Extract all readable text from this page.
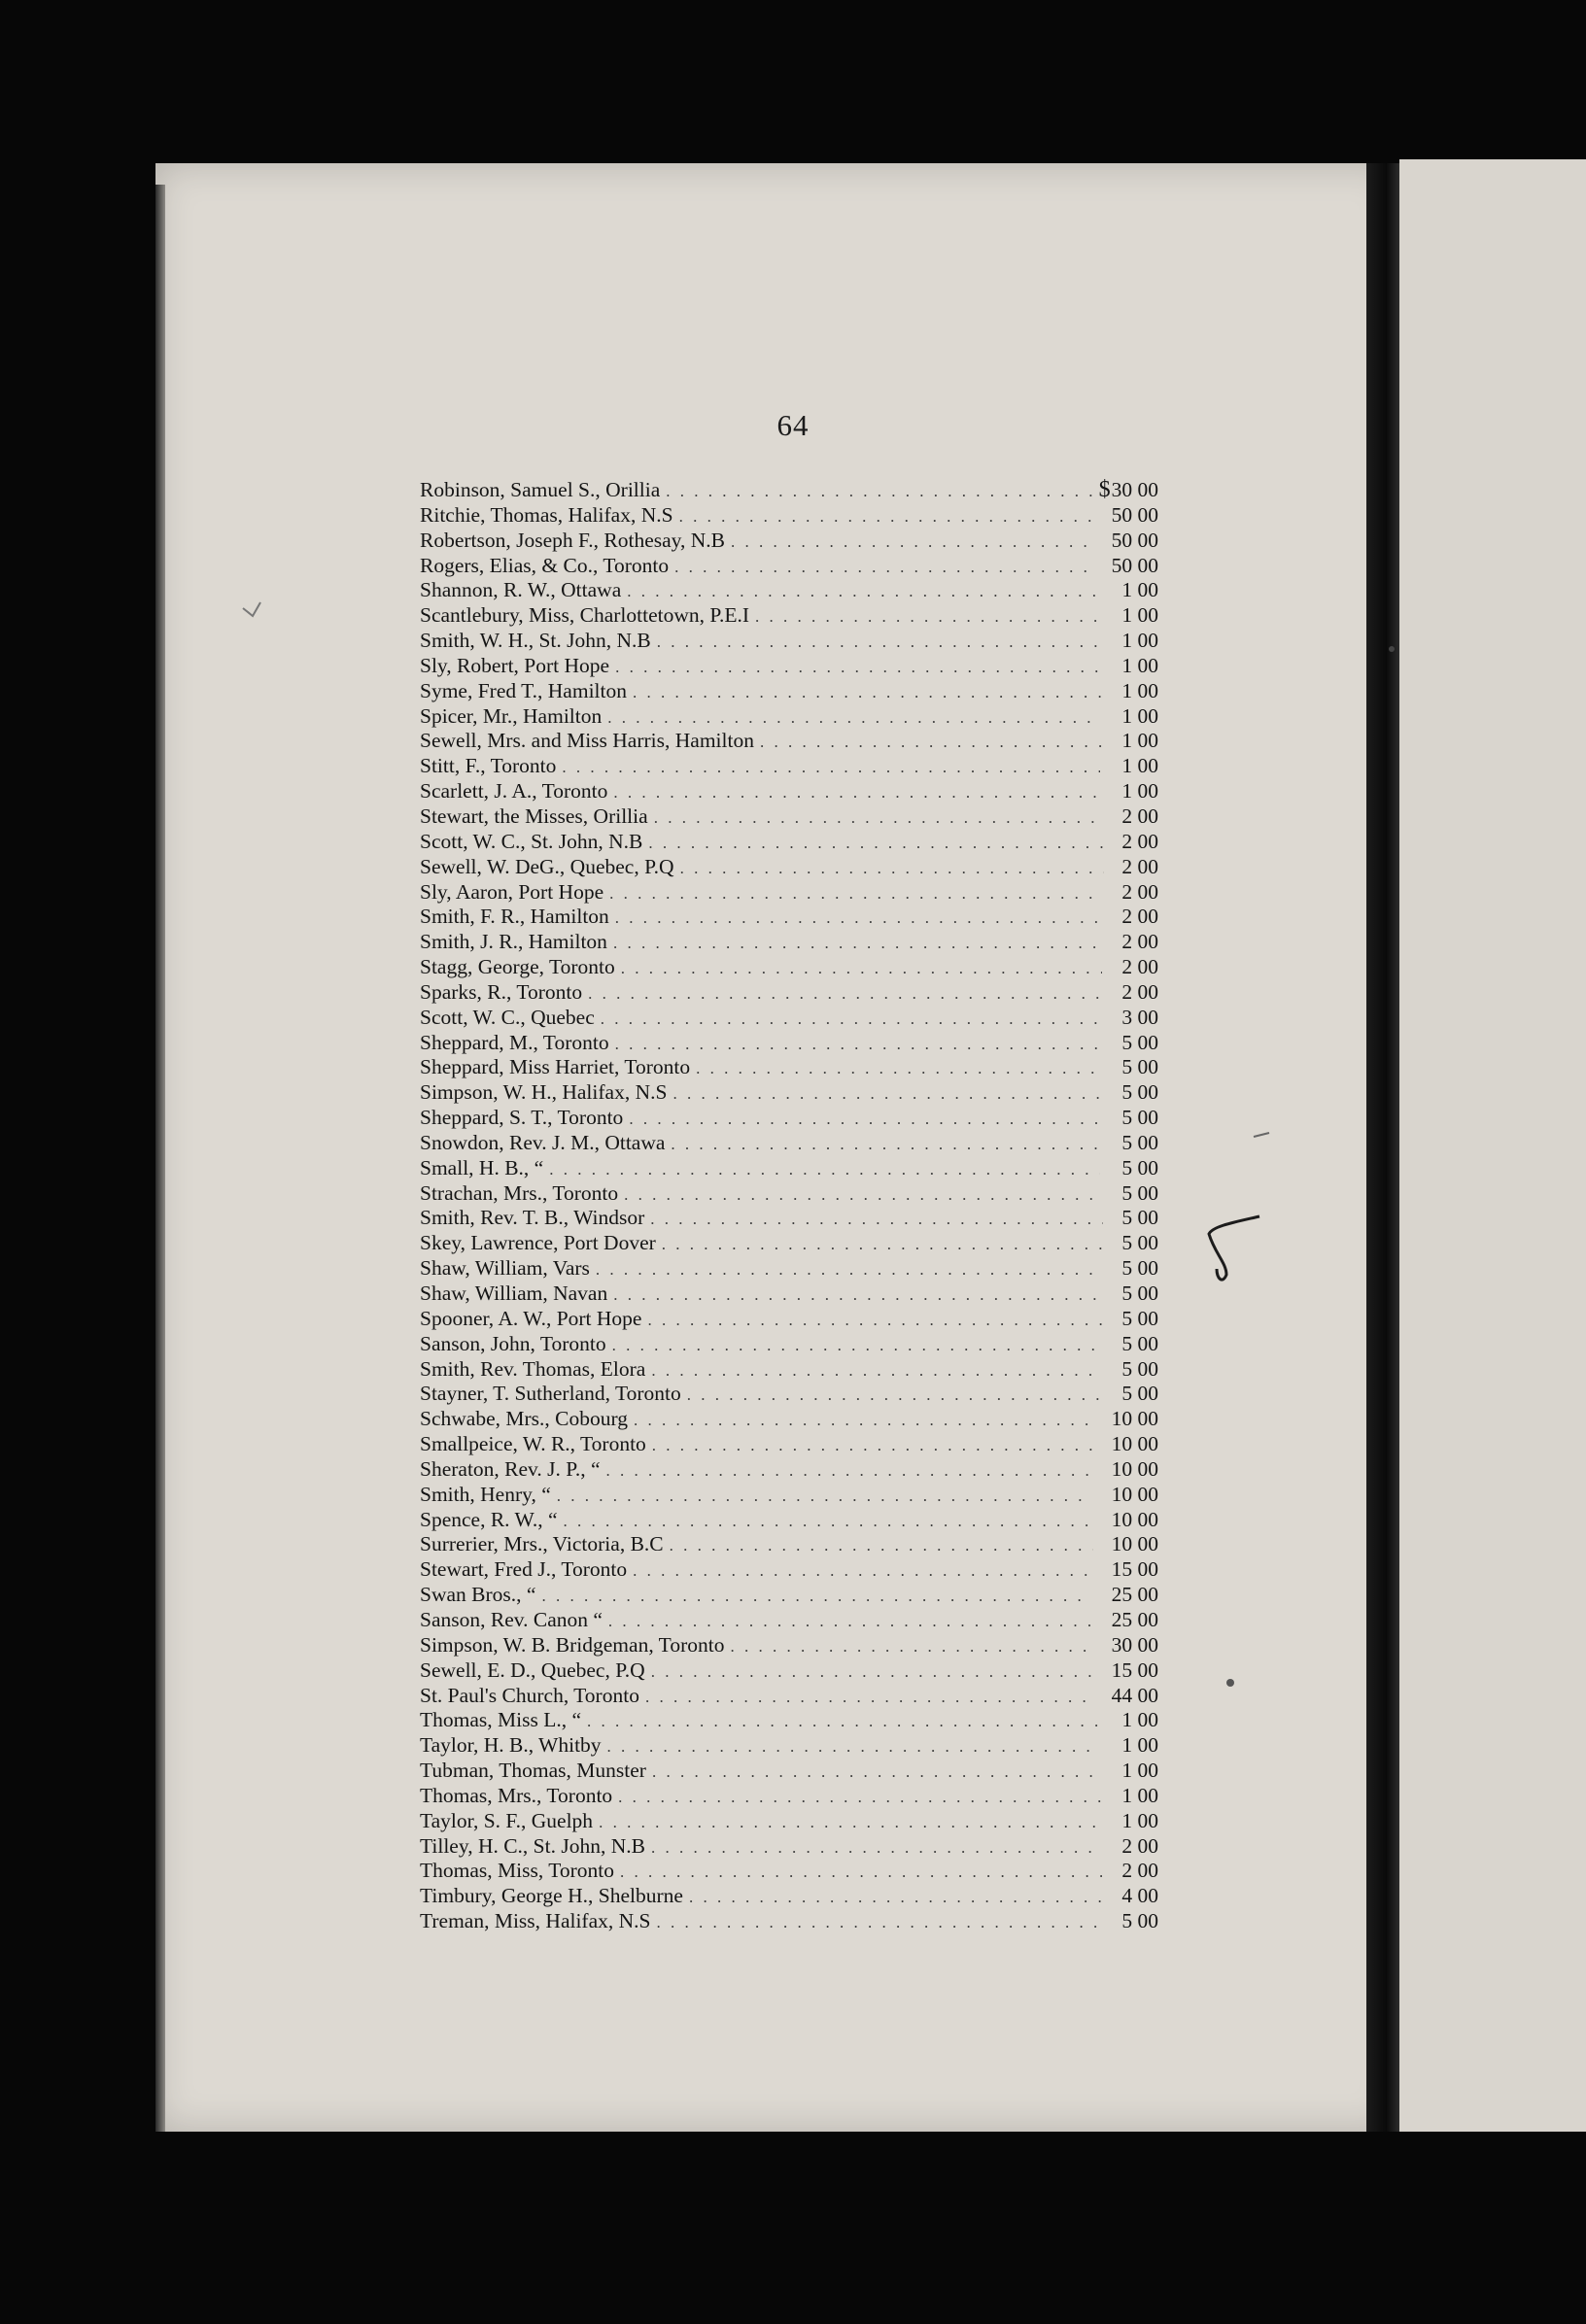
64
Robinson, Samuel S., Orillia . . .	$ 30 00
Ritchie, Thomas, Halifax, N.S . . .	50 00
Robertson, Joseph F., Rothesay, N.B . . .	50 00
Rogers, Elias, & Co., Toronto . . .	50 00
Shannon, R. W., Ottawa . . .	1 00
Scantlebury, Miss, Charlottetown, P.E.I . . .	1 00
Smith, W. H., St. John, N.B . . .	1 00
Sly, Robert, Port Hope . . .	1 00
Syme, Fred T., Hamilton . . .	1 00
Spicer, Mr., Hamilton . . .	1 00
Sewell, Mrs. and Miss Harris, Hamilton . . .	1 00
Stitt, F., Toronto . . .	1 00
Scarlett, J. A., Toronto . . .	1 00
Stewart, the Misses, Orillia . . .	2 00
Scott, W. C., St. John, N.B . . .	2 00
Sewell, W. DeG., Quebec, P.Q . . .	2 00
Sly, Aaron, Port Hope . . .	2 00
Smith, F. R., Hamilton . . .	2 00
Smith, J. R., Hamilton . . .	2 00
Stagg, George, Toronto . . .	2 00
Sparks, R., Toronto . . .	2 00
Scott, W. C., Quebec . . .	3 00
Sheppard, M., Toronto . . .	5 00
Sheppard, Miss Harriet, Toronto . . .	5 00
Simpson, W. H., Halifax, N.S . . .	5 00
Sheppard, S. T., Toronto . . .	5 00
Snowdon, Rev. J. M., Ottawa . . .	5 00
Small, H. B., “ . . .	5 00
Strachan, Mrs., Toronto . . .	5 00
Smith, Rev. T. B., Windsor . . .	5 00
Skey, Lawrence, Port Dover . . .	5 00
Shaw, William, Vars . . .	5 00
Shaw, William, Navan . . .	5 00
Spooner, A. W., Port Hope . . .	5 00
Sanson, John, Toronto . . .	5 00
Smith, Rev. Thomas, Elora . . .	5 00
Stayner, T. Sutherland, Toronto . . .	5 00
Schwabe, Mrs., Cobourg . . .	10 00
Smallpeice, W. R., Toronto . . .	10 00
Sheraton, Rev. J. P., “ . . .	10 00
Smith, Henry, “ . . .	10 00
Spence, R. W., “ . . .	10 00
Surrerier, Mrs., Victoria, B.C . . .	10 00
Stewart, Fred J., Toronto . . .	15 00
Swan Bros., “ . . .	25 00
Sanson, Rev. Canon “ . . .	25 00
Simpson, W. B. Bridgeman, Toronto . . .	30 00
Sewell, E. D., Quebec, P.Q . . .	15 00
St. Paul's Church, Toronto . . .	44 00
Thomas, Miss L., “ . . .	1 00
Taylor, H. B., Whitby . . .	1 00
Tubman, Thomas, Munster . . .	1 00
Thomas, Mrs., Toronto . . .	1 00
Taylor, S. F., Guelph . . .	1 00
Tilley, H. C., St. John, N.B . . .	2 00
Thomas, Miss, Toronto . . .	2 00
Timbury, George H., Shelburne . . .	4 00
Treman, Miss, Halifax, N.S . . .	5 00
